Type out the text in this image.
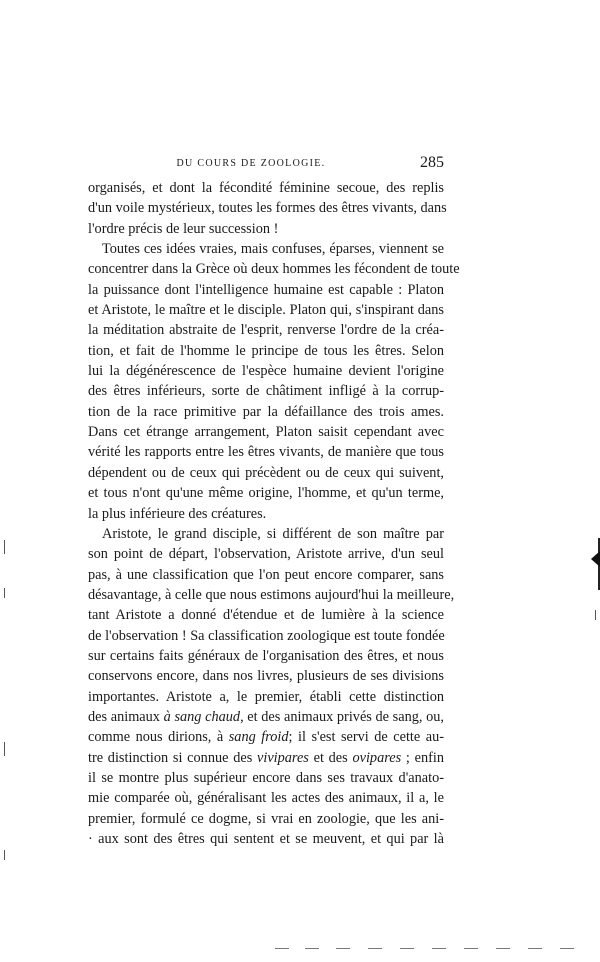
DU COURS DE ZOOLOGIE.	285
organisés, et dont la fécondité féminine secoue, des replis
d'un voile mystérieux, toutes les formes des êtres vivants, dans
l'ordre précis de leur succession !
Toutes ces idées vraies, mais confuses, éparses, viennent se
concentrer dans la Grèce où deux hommes les fécondent de toute
la puissance dont l'intelligence humaine est capable : Platon
et Aristote, le maître et le disciple. Platon qui, s'inspirant dans
la méditation abstraite de l'esprit, renverse l'ordre de la créa-
tion, et fait de l'homme le principe de tous les êtres. Selon
lui la dégénérescence de l'espèce humaine devient l'origine
des êtres inférieurs, sorte de châtiment infligé à la corrup-
tion de la race primitive par la défaillance des trois ames.
Dans cet étrange arrangement, Platon saisit cependant avec
vérité les rapports entre les êtres vivants, de manière que tous
dépendent ou de ceux qui précèdent ou de ceux qui suivent,
et tous n'ont qu'une même origine, l'homme, et qu'un terme,
la plus inférieure des créatures.
Aristote, le grand disciple, si différent de son maître par
son point de départ, l'observation, Aristote arrive, d'un seul
pas, à une classification que l'on peut encore comparer, sans
désavantage, à celle que nous estimons aujourd'hui la meilleure,
tant Aristote a donné d'étendue et de lumière à la science
de l'observation ! Sa classification zoologique est toute fondée
sur certains faits généraux de l'organisation des êtres, et nous
conservons encore, dans nos livres, plusieurs de ses divisions
importantes. Aristote a, le premier, établi cette distinction
des animaux à sang chaud, et des animaux privés de sang, ou,
comme nous dirions, à sang froid; il s'est servi de cette au-
tre distinction si connue des vivipares et des ovipares ; enfin
il se montre plus supérieur encore dans ses travaux d'anato-
mie comparée où, généralisant les actes des animaux, il a, le
premier, formulé ce dogme, si vrai en zoologie, que les ani-
· aux sont des êtres qui sentent et se meuvent, et qui par là
